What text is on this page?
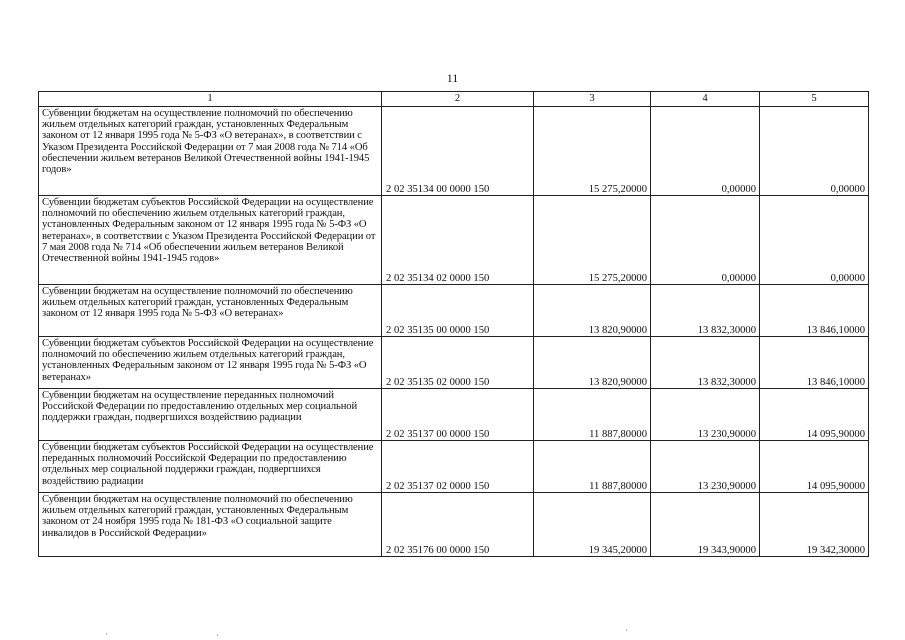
11
1	2	3	4	5
Субвенции бюджетам на осуществление полномочий по обеспечению жильем отдельных категорий граждан, установленных Федеральным законом от 12 января 1995 года № 5-ФЗ «О ветеранах», в соответствии с Указом Президента Российской Федерации от 7 мая 2008 года № 714 «Об обеспечении жильем ветеранов Великой Отечественной войны 1941-1945 годов»	2 02 35134 00 0000 150	15 275,20000	0,00000	0,00000
Субвенции бюджетам субъектов Российской Федерации на осуществление полномочий по обеспечению жильем отдельных категорий граждан, установленных Федеральным законом от 12 января 1995 года № 5-ФЗ «О ветеранах», в соответствии с Указом Президента Российской Федерации от 7 мая 2008 года № 714 «Об обеспечении жильем ветеранов Великой Отечественной войны 1941-1945 годов»	2 02 35134 02 0000 150	15 275,20000	0,00000	0,00000
Субвенции бюджетам на осуществление полномочий по обеспечению жильем отдельных категорий граждан, установленных Федеральным законом от 12 января 1995 года № 5-ФЗ «О ветеранах»	2 02 35135 00 0000 150	13 820,90000	13 832,30000	13 846,10000
Субвенции бюджетам субъектов Российской Федерации на осуществление полномочий по обеспечению жильем отдельных категорий граждан, установленных Федеральным законом от 12 января 1995 года № 5-ФЗ «О ветеранах»	2 02 35135 02 0000 150	13 820,90000	13 832,30000	13 846,10000
Субвенции бюджетам на осуществление переданных полномочий Российской Федерации по предоставлению отдельных мер социальной поддержки граждан, подвергшихся воздействию радиации	2 02 35137 00 0000 150	11 887,80000	13 230,90000	14 095,90000
Субвенции бюджетам субъектов Российской Федерации на осуществление переданных полномочий Российской Федерации по предоставлению отдельных мер социальной поддержки граждан, подвергшихся воздействию радиации	2 02 35137 02 0000 150	11 887,80000	13 230,90000	14 095,90000
Субвенции бюджетам на осуществление полномочий по обеспечению жильем отдельных категорий граждан, установленных Федеральным законом от 24 ноября 1995 года № 181-ФЗ «О социальной защите инвалидов в Российской Федерации»	2 02 35176 00 0000 150	19 345,20000	19 343,90000	19 342,30000
